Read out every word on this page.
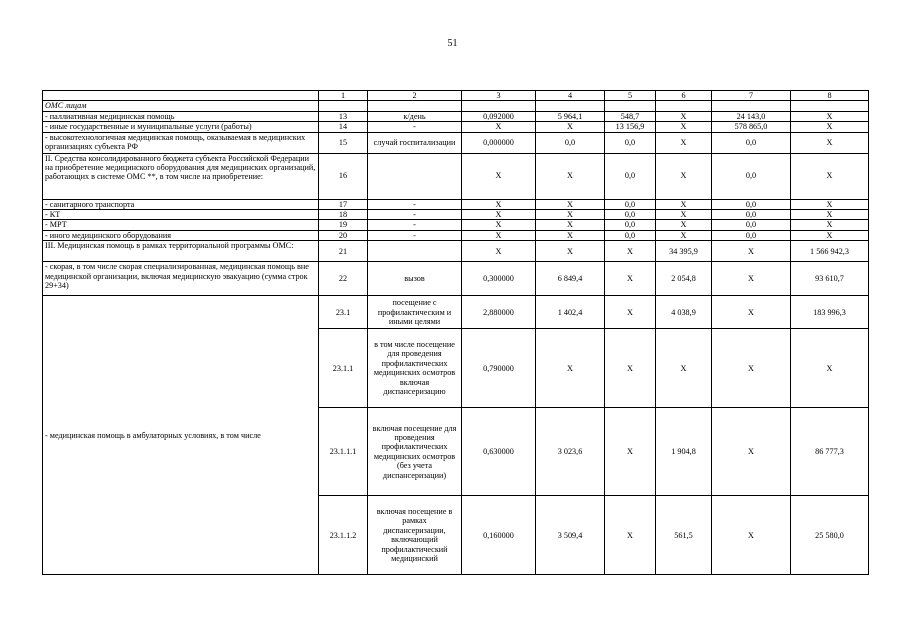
51
	1	2	3	4	5	6	7	8	
ОМС лицам									
- паллиативная медицинская помощь	13	к/день	0,092000	5 964,1	548,7	X	24 143,0	X	
- иные государственные и муниципальные услуги (работы)	14	-	X	X	13 156,9	X	578 865,0	X	
- высокотехнологичная медицинская помощь, оказываемая в медицинских организациях субъекта РФ	15	случай госпитализации	0,000000	0,0	0,0	X	0,0	X	
II. Средства консолидированного бюджета субъекта Российской Федерации на приобретение медицинского оборудования для медицинских организаций, работающих в системе ОМС **, в том числе на приобретение:	16		X	X	0,0	X	0,0	X	
- санитарного транспорта	17	-	X	X	0,0	X	0,0	X	
- КТ	18	-	X	X	0,0	X	0,0	X	
- МРТ	19	-	X	X	0,0	X	0,0	X	
- иного медицинского оборудования	20	-	X	X	0,0	X	0,0	X	
III. Медицинская помощь в рамках территориальной программы ОМС:	21		X	X	X	34 395,9	X	1 566 942,3	
- скорая, в том числе скорая специализированная, медицинская помощь вне медицинской организации, включая медицинскую эвакуацию (сумма строк 29+34)	22	вызов	0,300000	6 849,4	X	2 054,8	X	93 610,7	
- медицинская помощь в амбулаторных условиях, в том числе	23.1	посещение с профилактическим и иными целями	2,880000	1 402,4	X	4 038,9	X	183 996,3	
	23.1.1	в том числе посещение для проведения профилактических медицинских осмотров включая диспансеризацию	0,790000	X	X	X	X	X	
	23.1.1.1	включая посещение для проведения профилактических медицинских осмотров (без учета диспансеризации)	0,630000	3 023,6	X	1 904,8	X	86 777,3	
	23.1.1.2	включая посещение в рамках диспансеризации, включающий профилактический медицинский	0,160000	3 509,4	X	561,5	X	25 580,0	
